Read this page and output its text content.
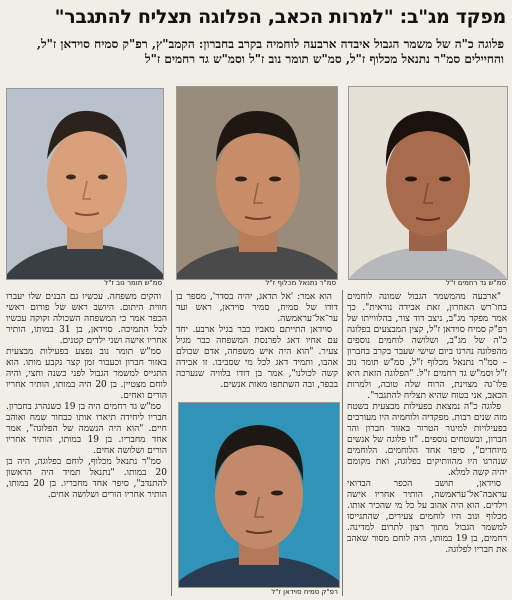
מפקד מג"ב: "למרות הכאב, הפלוגה תצליח להתגבר"
פלוגה כ"ה של משמר הגבול איבדה ארבעה לוחמיה בקרב בחברון: הקמב"ץ, רפ"ק סמיח סוידאן ז"ל, והחיילים סמ"ר נתנאל מכלוף ז"ל, סמ"ש תומר נוב ז"ל וסמ"ש גד רחמים ז"ל
סמ"ש תומר נוב ז"ל	סמ"ר נתנאל מכלוף ז"ל	סמ"ש גד רחמים ז"ל
רפ"ק סמיח סוידאן ז"ל

"ארבעה מהמשמר הגבול שמונה לוחמים בחו־רש האחרון, זאת אבידה נוראית". כך אמר מפקד מג"ב, ניצב דוד צור, בהלווייתו של רפ"ק סמיח סוידאן ז"ל, קצין המבצעים בפלוגה כ"ה של מג"ב, ושלושה לוחמים נוספים מהפלוגה נהרגו ביום שישי שעבר בקרב בחברון – סמ"ר נתנאל מכלוף ז"ל, סמ"ש תומר נוב ז"ל וסמ"ש גד רחמים ז"ל. "הפלוגה הזאת היא פלו־גה מצוינת, הרוח שלה טובה, ולמרות הכאב, אני בטוח שהיא תצליח להתגבר".

פלוגה כ"ה נמצאת בפעילות מבצעית בשטח מזה שנים רבות. מפקדיה ולוחמיה היו מעורבים בפעילויות למיגור הטרור באזור חברון והר חברון, ובשטחים נוספים. "זו פלוגה של אנשים מיוחדים", סיפר אחד הלוחמים. הלוחמים שנהרגו היו מהוותיקים בפלוגה, ואת מקומם יהיה קשה למלא.

סוידאן, תושב הכפר הבדואי עראבה־אל־עראמשה, הותיר אחריו אישה וילדים. הוא היה אהוב על כל מי שהכיר אותו. מכלוף ונוב היו לוחמים צעירים, שהתגייסו למשמר הגבול מתוך רצון לתרום למדינה. רחמים, בן 19 במותו, היה לוחם מסור שאהב את חבריו לפלוגה.

הוא אמר: 'אל תדאג, יהיה בסדר', מספר בן דודו של סמיח, סמיר סוידאן, ראש ועד ער־אל־עראמשה.

סוידאן התייתם מאביו כבר בגיל ארבע. יחד עם אחיו דאג לפרנסת המשפחה כבר מגיל צעיר. "הוא היה איש משפחה, אדם שכולם אהבו, ותמיד דאג לכל מי שסביבו. זו אבידה קשה לכולנו", אמר בן דודו בלוויה שנערכה בכפר, ובה השתתפו מאות אנשים.

והקים משפחה. עכשיו גם הבנים שלו יעברו חווית היתום. היושב ראש של פורום ראשי הכפר אמר כי המשפחה השכולה זקוקה עכשיו לכל התמיכה. סוידאן, בן 31 במותו, הותיר אחריו אישה ושני ילדים קטנים.

סמ"ש תומר נוב נפצע בפעילות מבצעית באזור חברון וכעבור זמן קצר נקבע מותו. הוא התגייס למשמר הגבול לפני כשנה וחצי, והיה לוחם מצטיין. בן 20 היה במותו, הותיר אחריו הורים ואחים.

סמ"ש גד רחמים היה בן 19 כשנהרג בחברון. חבריו ליחידה תיארו אותו כבחור שמח ואוהב חיים. "הוא היה הנשמה של הפלוגה", אמר אחד מחבריו. בן 19 במותו, הותיר אחריו הורים ושלושה אחים.

סמ"ר נתנאל מכלוף, לוחם בפלוגה, היה בן 20 במותו. "נתנאל תמיד היה הראשון להתנדב", סיפר אחד מחבריו. בן 20 במותו, הותיר אחריו הורים ושלושה אחים.
